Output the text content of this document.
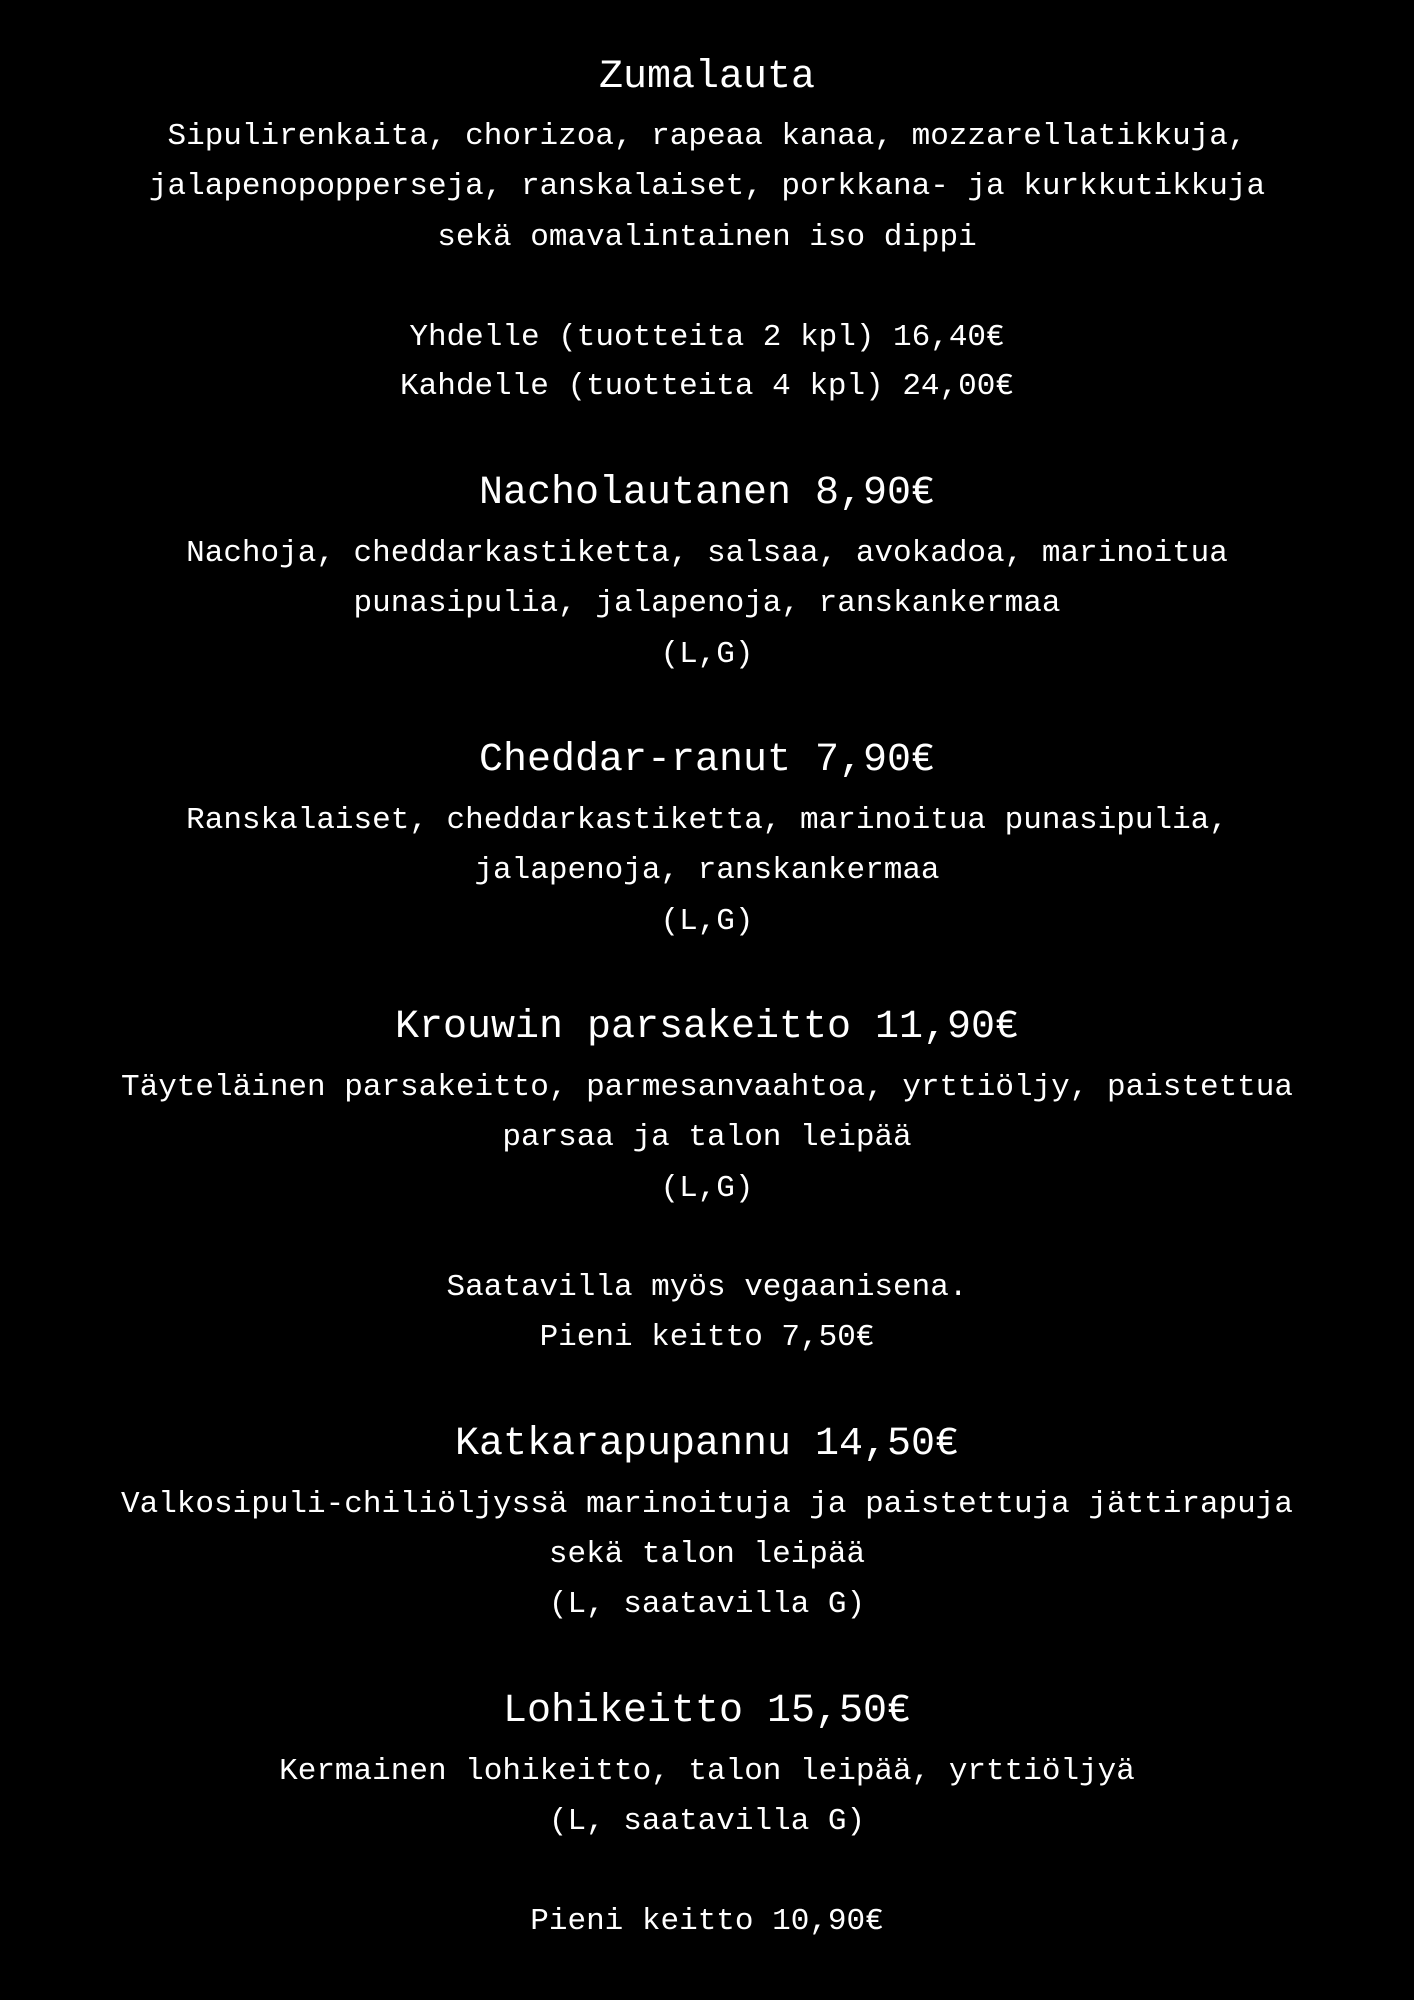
Zumalauta
Sipulirenkaita, chorizoa, rapeaa kanaa, mozzarellatikkuja,
jalapenopopperseja, ranskalaiset, porkkana- ja kurkkutikkuja
sekä omavalintainen iso dippi
Yhdelle (tuotteita 2 kpl) 16,40€
Kahdelle (tuotteita 4 kpl) 24,00€
Nacholautanen 8,90€
Nachoja, cheddarkastiketta, salsaa, avokadoa, marinoitua
punasipulia, jalapenoja, ranskankermaa
(L,G)
Cheddar-ranut 7,90€
Ranskalaiset, cheddarkastiketta, marinoitua punasipulia,
jalapenoja, ranskankermaa
(L,G)
Krouwin parsakeitto 11,90€
Täyteläinen parsakeitto, parmesanvaahtoa, yrttiöljy, paistettua
parsaa ja talon leipää
(L,G)
Saatavilla myös vegaanisena.
Pieni keitto 7,50€
Katkarapupannu 14,50€
Valkosipuli-chiliöljyssä marinoituja ja paistettuja jättirapuja
sekä talon leipää
(L, saatavilla G)
Lohikeitto 15,50€
Kermainen lohikeitto, talon leipää, yrttiöljyä
(L, saatavilla G)
Pieni keitto 10,90€
